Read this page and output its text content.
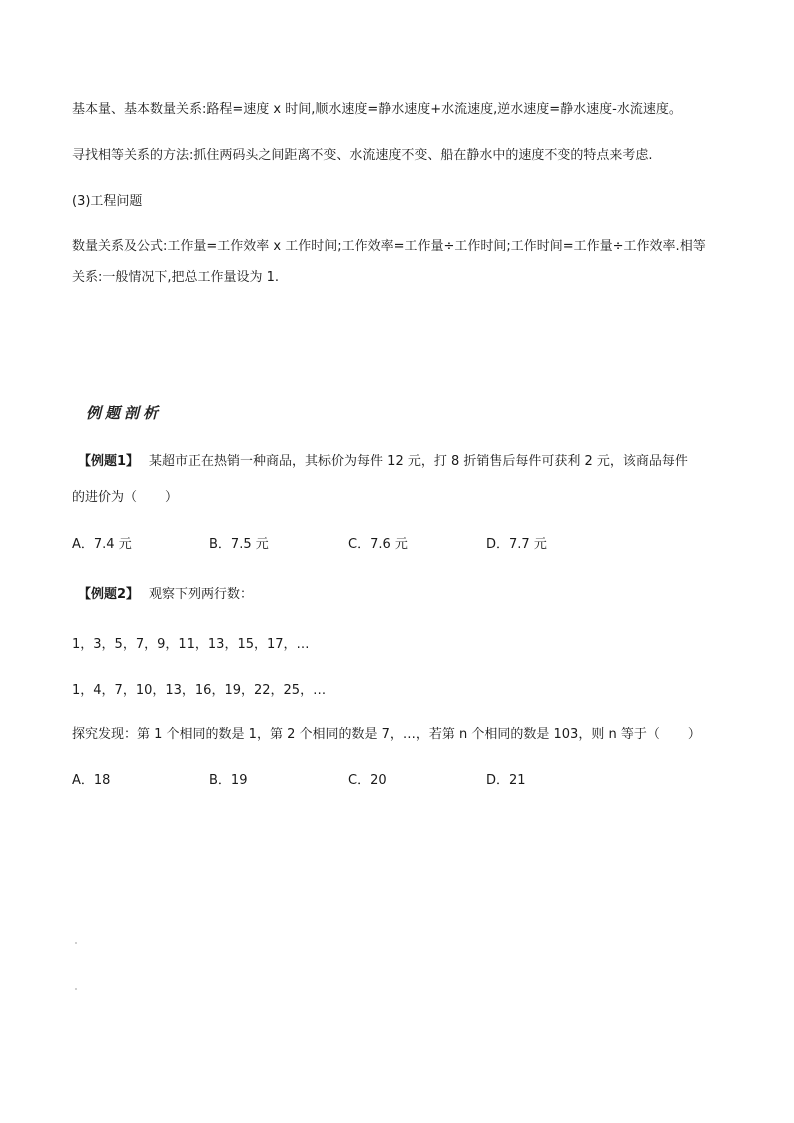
基本量、基本数量关系:路程=速度 x 时间,顺水速度=静水速度+水流速度,逆水速度=静水速度-水流速度。
寻找相等关系的方法:抓住两码头之间距离不变、水流速度不变、船在静水中的速度不变的特点来考虑.
(3)工程问题
数量关系及公式:工作量=工作效率 x 工作时间;工作效率=工作量÷工作时间;工作时间=工作量÷工作效率.相等
关系:一般情况下,把总工作量设为 1.
例题剖析
【例题1】 某超市正在热销一种商品，其标价为每件 12 元，打 8 折销售后每件可获利 2 元，该商品每件
的进价为（ ）
A．7.4 元	B．7.5 元	C．7.6 元	D．7.7 元
【例题2】 观察下列两行数：
1，3，5，7，9，11，13，15，17，…
1，4，7，10，13，16，19，22，25，…
探究发现：第 1 个相同的数是 1，第 2 个相同的数是 7，…，若第 n 个相同的数是 103，则 n 等于（ ）
A．18	B．19	C．20	D．21
